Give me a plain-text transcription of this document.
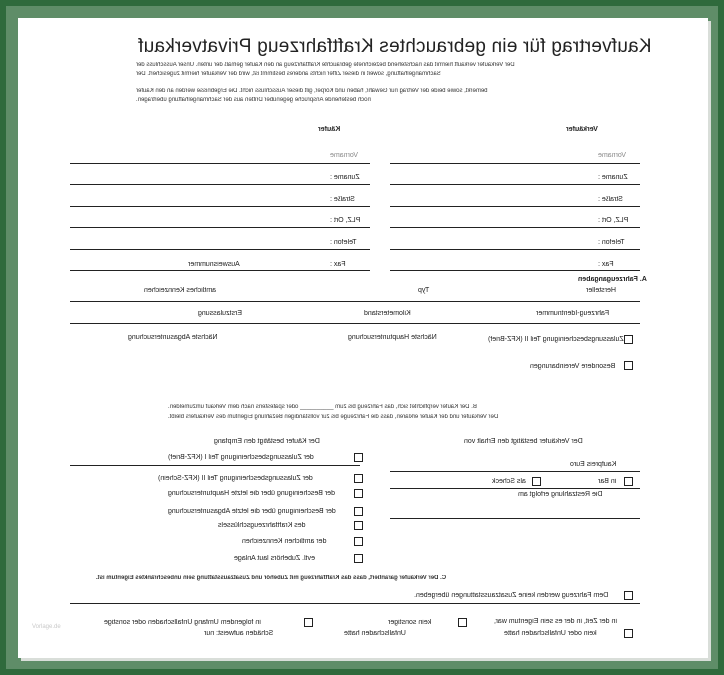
Kaufvertrag für ein gebrauchtes Kraftfahrzeug Privatverkauf
Der Verkäufer verkauft hiermit das nachstehend bezeichnete gebrauchte Kraftfahrzeug an den Käufer gemäß der unten. Unser Ausschluss der
Sachmängelhaftung, soweit in dieser Ziffer nichts anderes bestimmt ist, wird der Verkäufer hiermit zugesichert. Der
bemerkt, sowie beide der Vertrag nur Gewähr, haben und Körper, gilt dieser Ausschluss nicht. Die Ergebnisse werden an den Käufer
noch bestehende Ansprüche gegenüber Dritten aus der Sachmängelhaftung übertragen.
Verkäufer
Käufer
Vorname
Zuname :
Straße :
PLZ, Ort :
Telefon :
Fax :
Vorname
Zuname :
Straße :
PLZ, Ort :
Telefon :
Fax :
Ausweisnummer
A. Fahrzeugangaben
Hersteller
Typ
amtliches Kennzeichen
Fahrzeug-Identnummer
Kilometerstand
Erstzulassung
Zulassungsbescheinigung Teil II (KFZ-Brief)
Nächste Hauptuntersuchung
Nächste Abgasuntersuchung
Besondere Vereinbarungen
B. Der Käufer verpflichtet sich, das Fahrzeug bis zum __________ oder spätestens nach dem Verkauf umzumelden.
Der Verkäufer und der Käufer erklären, dass die Fahrzeuge bis zur vollständigen Bezahlung Eigentum des Verkäufers bleibt.
Der Verkäufer bestätigt den Erhalt von
Der Käufer bestätigt den Empfang
der Zulassungsbescheinigung Teil I (KFZ-Brief)
der Zulassungsbescheinigung Teil II (KFZ-Schein)
der Bescheinigung über die letzte Hauptuntersuchung
der Bescheinigung über die letzte Abgasuntersuchung
des Kraftfahrzeugschlüssels
der amtlichen Kennzeichen
evtl. Zubehörs laut Anlage
Kaufpreis Euro
in Bar
als Scheck
Die Restzahlung erfolgt am
C. Der Verkäufer garantiert, dass das Kraftfahrzeug mit Zubehör und Zusatzausstattung sein unbeschränktes Eigentum ist.
Dem Fahrzeug werden keine Zusatzausstattungen übergeben.
in der Zeit, in der es sein Eigentum war,
kein oder Unfallschaden hatte
kein sonstiger
Unfallschaden hatte
in folgendem Umfang Unfallschaden oder sonstige
Schäden aufweist: nur
Vorlage.de
